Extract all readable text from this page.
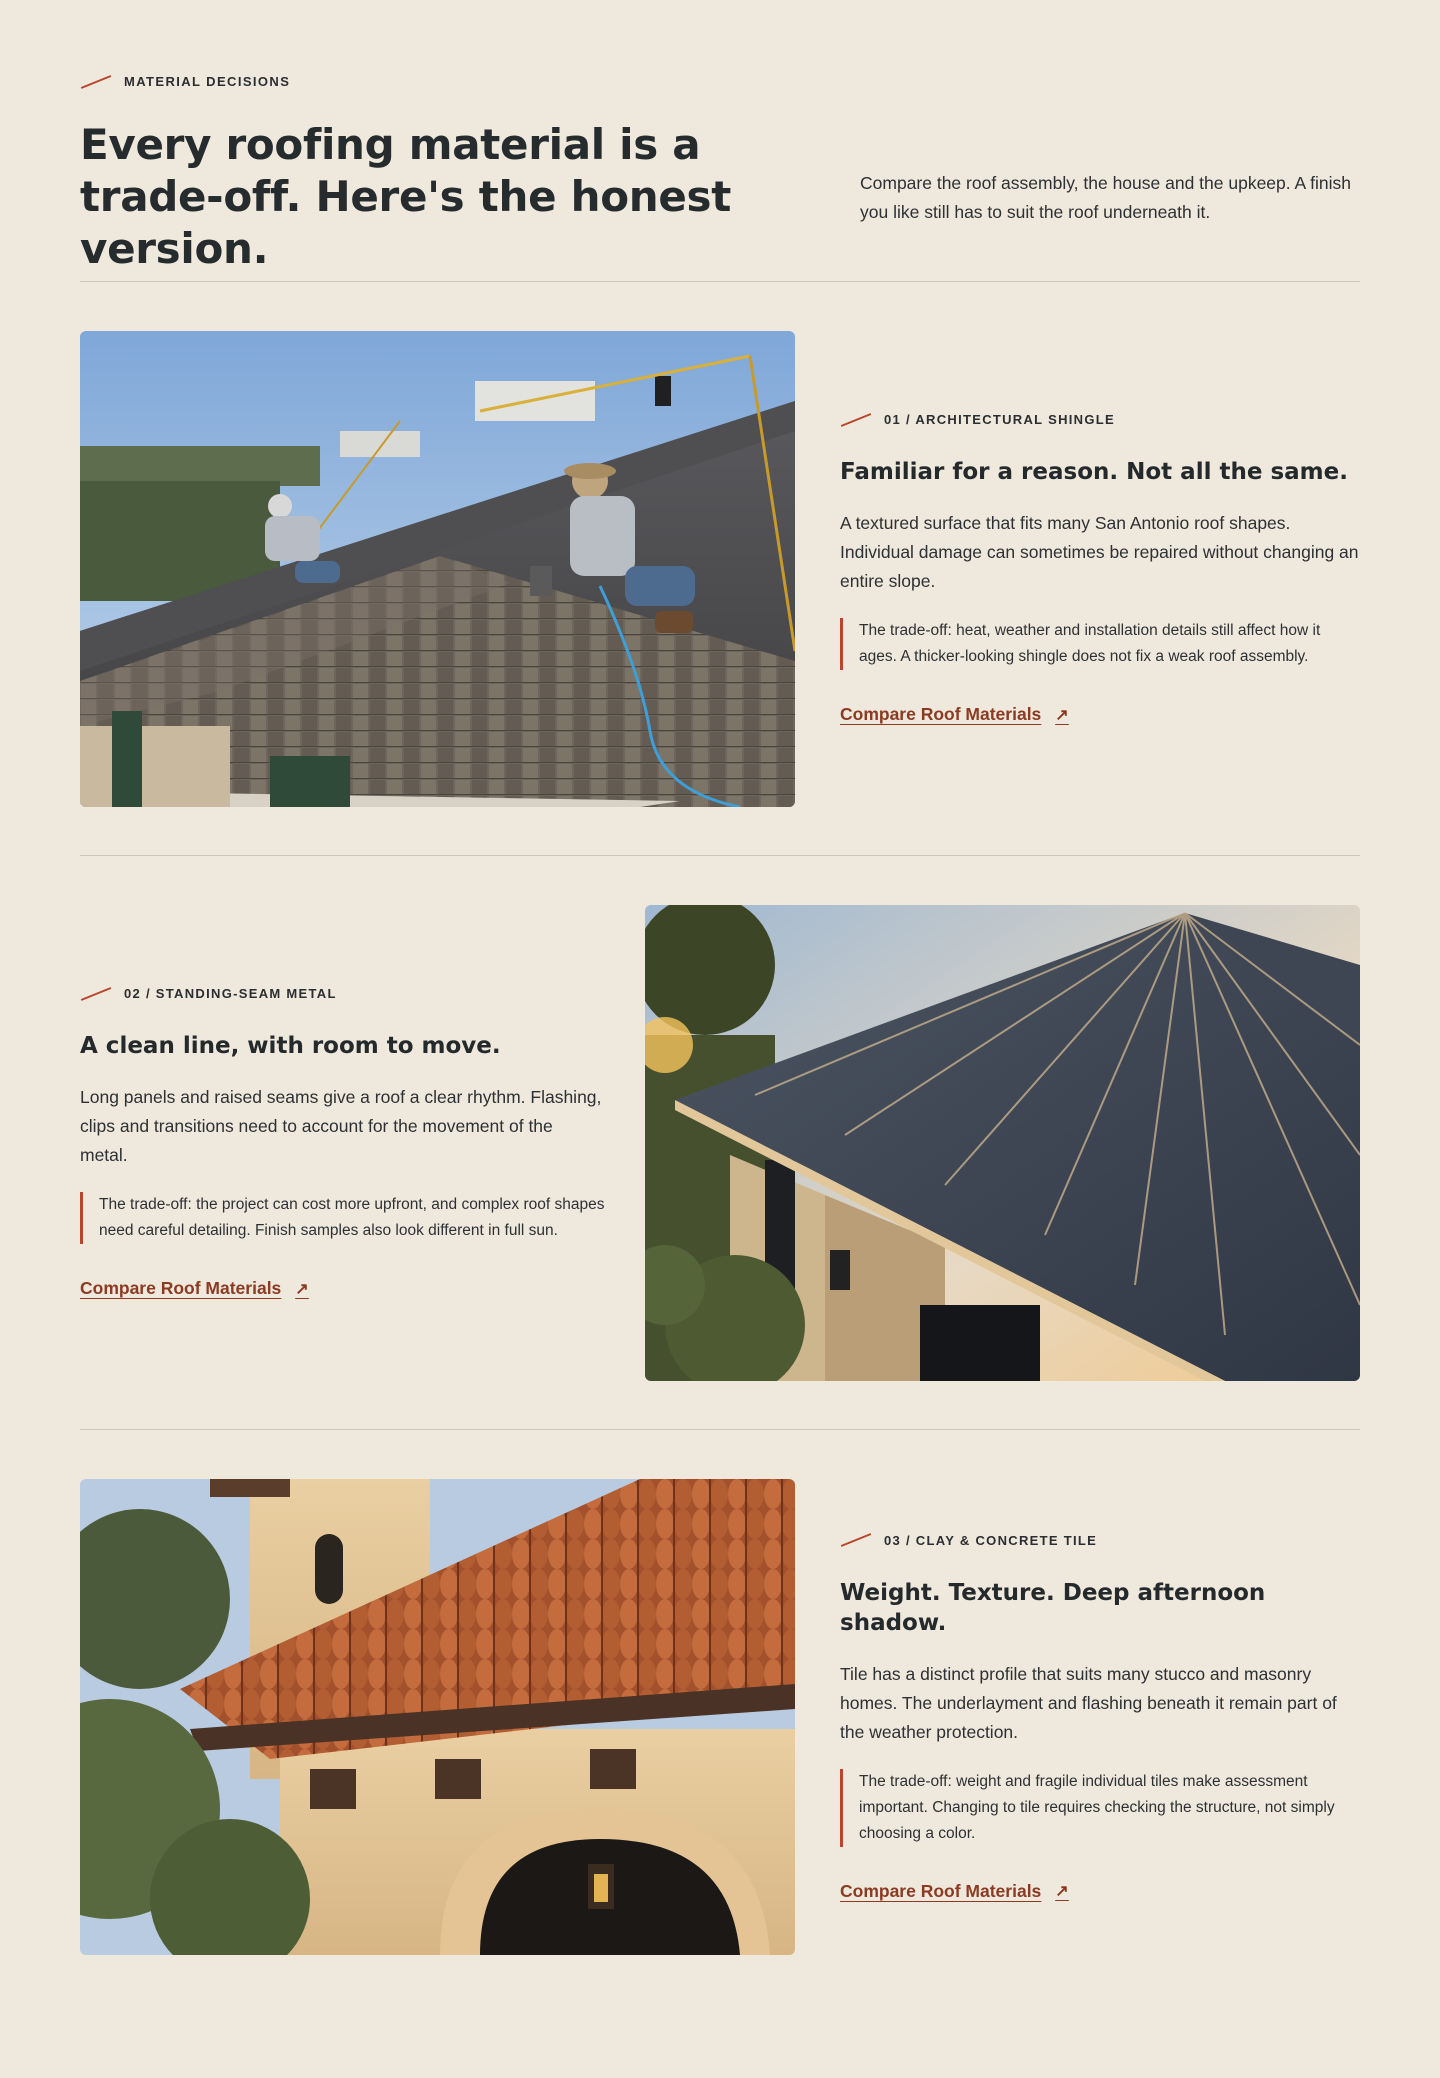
MATERIAL DECISIONS
Every roofing material is a trade-off. Here's the honest version.

Compare the roof assembly, the house and the upkeep. A finish you like still has to suit the roof underneath it.

01 / ARCHITECTURAL SHINGLE
Familiar for a reason. Not all the same.

A textured surface that fits many San Antonio roof shapes. Individual damage can sometimes be repaired without changing an entire slope.

The trade-off: heat, weather and installation details still affect how it ages. A thicker-looking shingle does not fix a weak roof assembly.

Compare Roof Materials ↗
02 / STANDING-SEAM METAL
A clean line, with room to move.

Long panels and raised seams give a roof a clear rhythm. Flashing, clips and transitions need to account for the movement of the metal.

The trade-off: the project can cost more upfront, and complex roof shapes need careful detailing. Finish samples also look different in full sun.

Compare Roof Materials ↗
03 / CLAY & CONCRETE TILE
Weight. Texture. Deep afternoon shadow.

Tile has a distinct profile that suits many stucco and masonry homes. The underlayment and flashing beneath it remain part of the weather protection.

The trade-off: weight and fragile individual tiles make assessment important. Changing to tile requires checking the structure, not simply choosing a color.

Compare Roof Materials ↗
